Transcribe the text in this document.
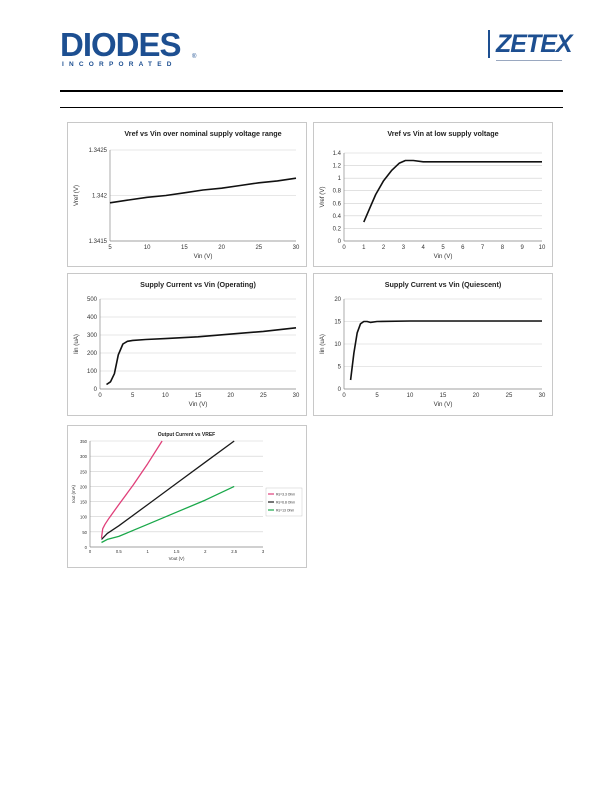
DIODES
INCORPORATED
®	ZETEX
Vref vs Vin over nominal supply voltage range
1.3415
1.342
1.3425
5	10	15	20	25	30
Vin (V)
Vref (V)
Vref vs Vin at low supply voltage
0
0.2
0.4
0.6
0.8
1
1.2
1.4
0	1	2	3	4	5	6	7	8	9 10
Vin (V)
Vref (V)
Supply Current vs Vin (Operating)
0
100
200
300
400
500
0	5	10	15	20	25	30
Vin (V)
Iin (uA)
Supply Current vs Vin (Quiescent)
0
5
10
15
20
0	5	10	15	20	25	30
Vin (V)
Iin (uA)
Output Current vs VREF
0
50
100
150
200
250
300
350
0	0.5	1	1.5	2	2.5	3
Vout (V)
Iout (mA)	Rs=3.3 Ohm
Rs=6.8 Ohm
Rs=13 Ohm
